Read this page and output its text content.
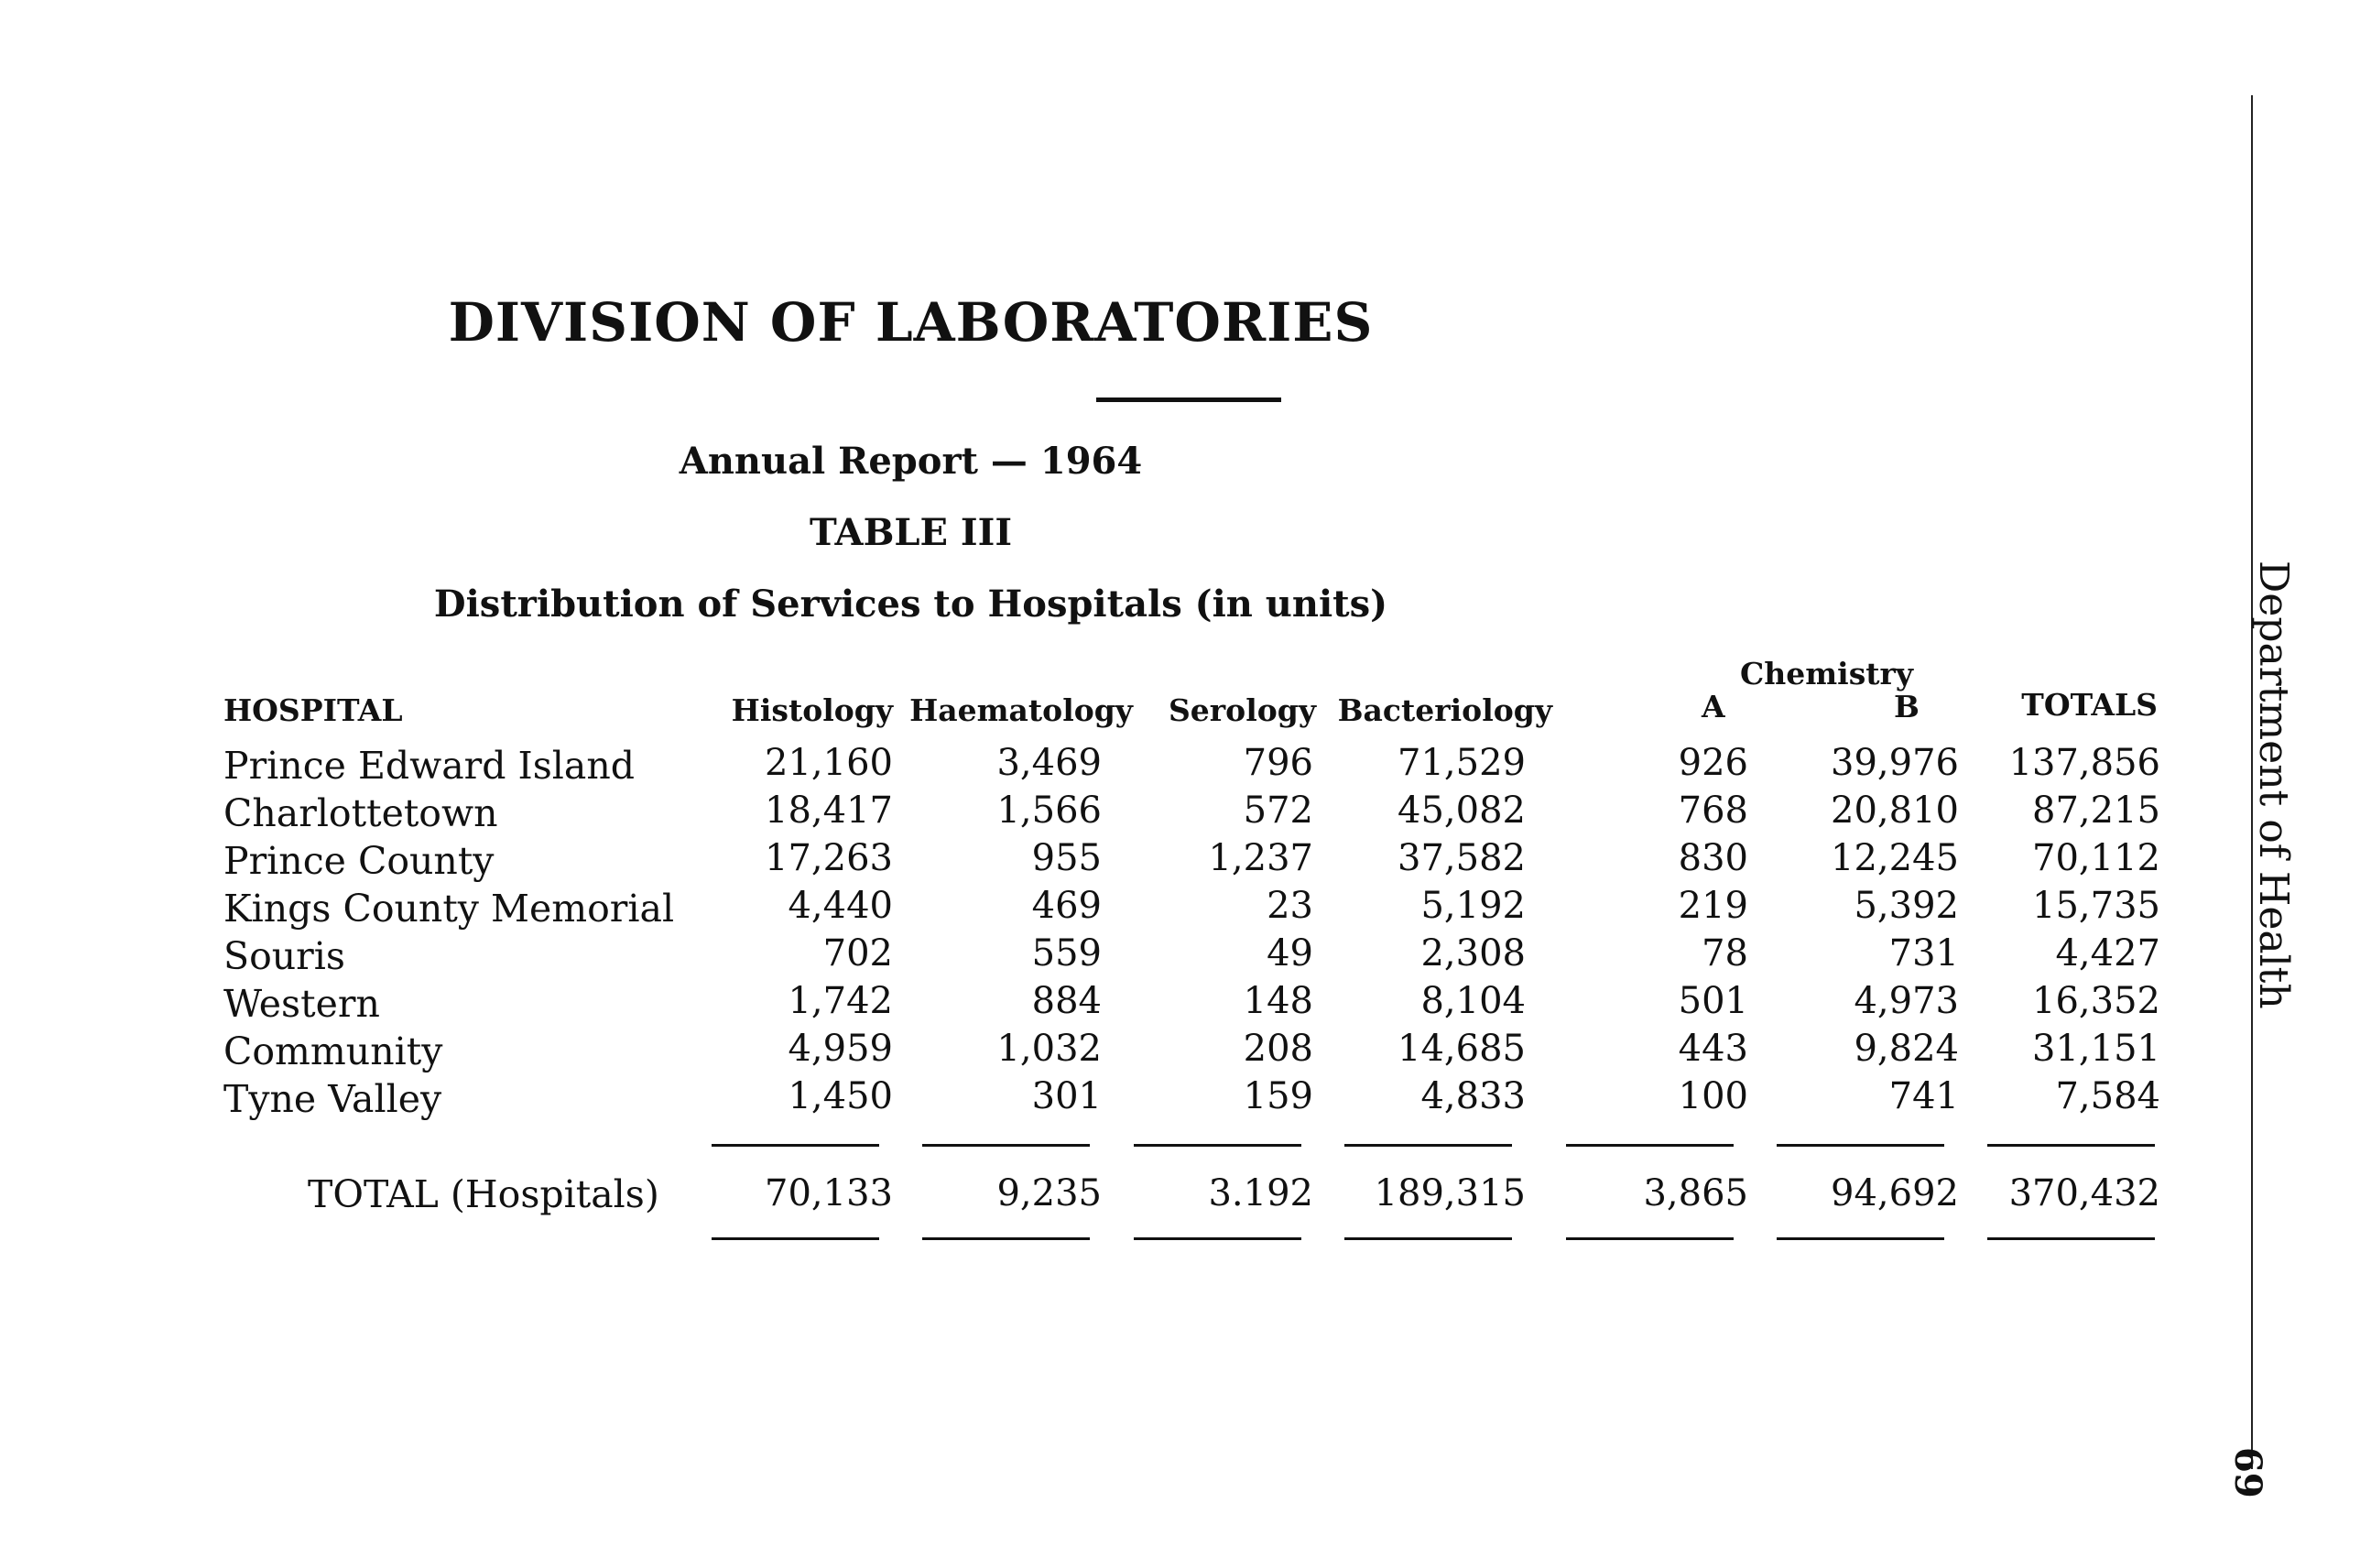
DIVISION OF LABORATORIES
Annual Report — 1964
TABLE III
Distribution of Services to Hospitals (in units)
HOSPITAL	Histology Haematology Serology Bacteriology
Chemistry
A	B	TOTALS
Prince Edward Island	21,160	3,469	796 71,529	926 39,976 137,856
Charlottetown	18,417	1,566	572 45,082	768 20,810 87,215
Prince County	17,263	955	1,237 37,582	830 12,245 70,112
Kings County Memorial	4,440	469	23	5,192	219	5,392 15,735
Souris	702	559	49	2,308	78	731	4,427
Western	1,742	884	148	8,104	501	4,973 16,352
Community	4,959	1,032	208 14,685	443	9,824 31,151
Tyne Valley	1,450	301	159	4,833	100	741	7,584
TOTAL (Hospitals)	70,133	9,235	3.192 189,315	3,865 94,692 370,432
Department of Health
69
